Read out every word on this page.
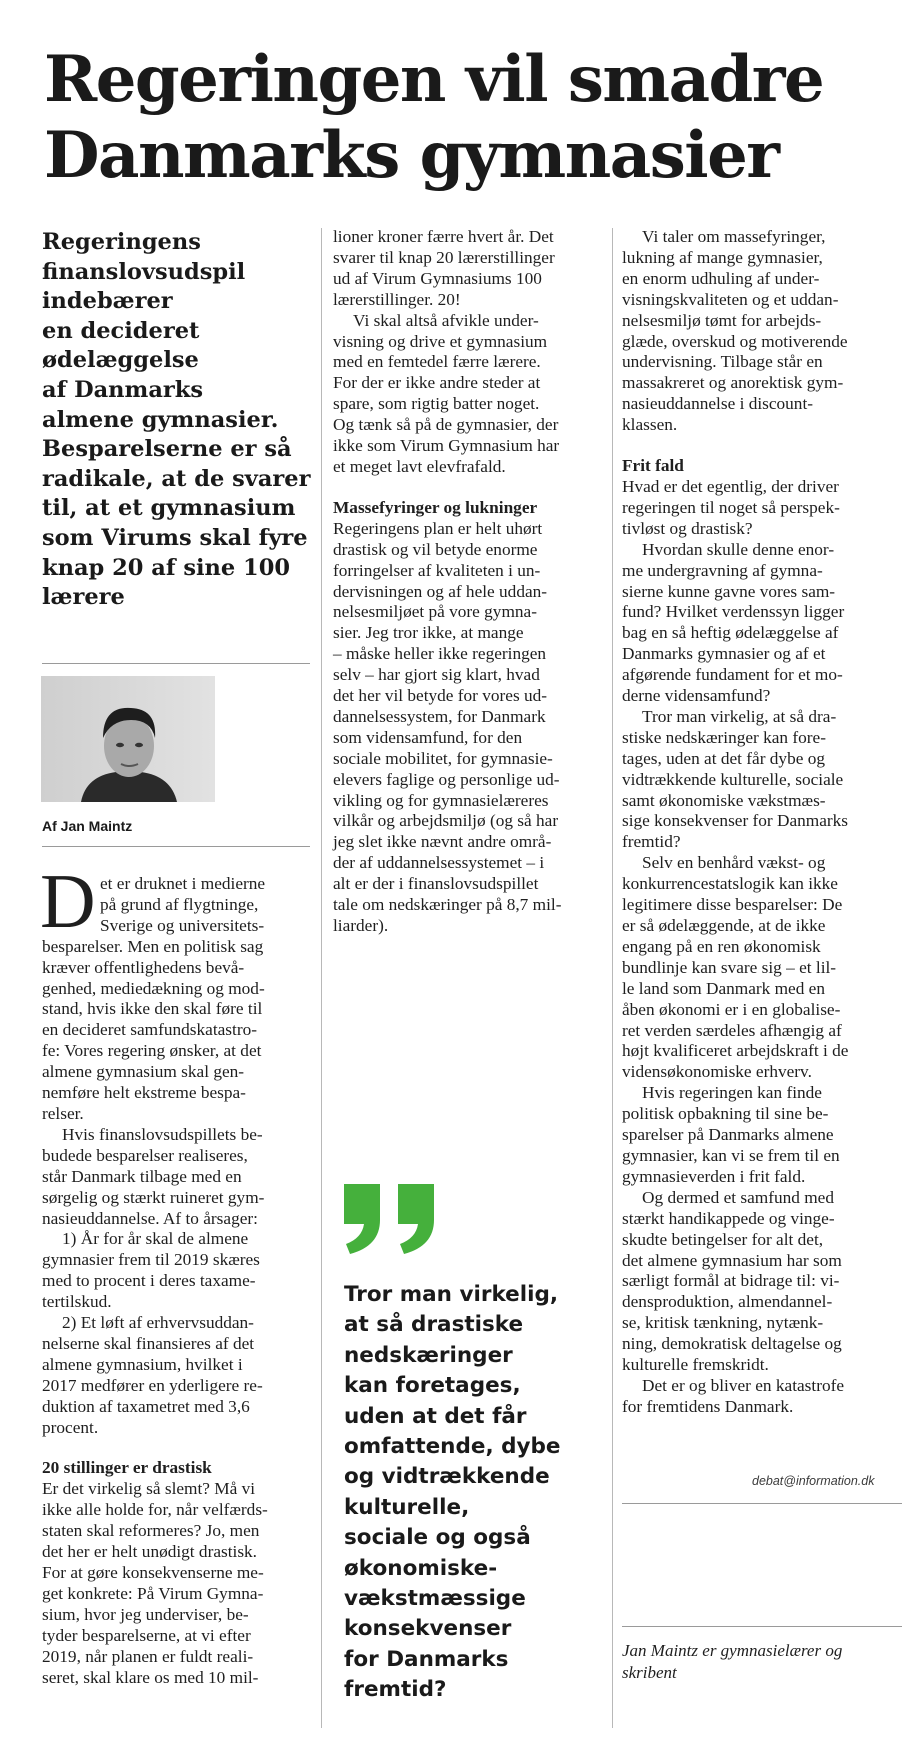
Regeringen vil smadre
Danmarks gymnasier
Regeringens
finanslovsudspil
indebærer
en decideret
ødelæggelse
af Danmarks
almene gymnasier.
Besparelserne er så
radikale, at de svarer
til, at et gymnasium
som Virums skal fyre
knap 20 af sine 100
lærere
Af Jan Maintz
D et er druknet i medierne
på grund af flygtninge,
Sverige og universitets-
besparelser. Men en politisk sag
kræver offentlighedens bevå-
genhed, mediedækning og mod-
stand, hvis ikke den skal føre til
en decideret samfundskatastro-
fe: Vores regering ønsker, at det
almene gymnasium skal gen-
nemføre helt ekstreme bespa-
relser.
Hvis finanslovsudspillets be-
budede besparelser realiseres,
står Danmark tilbage med en
sørgelig og stærkt ruineret gym-
nasieuddannelse. Af to årsager:
1) År for år skal de almene
gymnasier frem til 2019 skæres
med to procent i deres taxame-
tertilskud.
2) Et løft af erhvervsuddan-
nelserne skal finansieres af det
almene gymnasium, hvilket i
2017 medfører en yderligere re-
duktion af taxametret med 3,6
procent.
20 stillinger er drastisk
Er det virkelig så slemt? Må vi
ikke alle holde for, når velfærds-
staten skal reformeres? Jo, men
det her er helt unødigt drastisk.
For at gøre konsekvenserne me-
get konkrete: På Virum Gymna-
sium, hvor jeg underviser, be-
tyder besparelserne, at vi efter
2019, når planen er fuldt reali-
seret, skal klare os med 10 mil-
lioner kroner færre hvert år. Det
svarer til knap 20 lærerstillinger
ud af Virum Gymnasiums 100
lærerstillinger. 20!
Vi skal altså afvikle under-
visning og drive et gymnasium
med en femtedel færre lærere.
For der er ikke andre steder at
spare, som rigtig batter noget.
Og tænk så på de gymnasier, der
ikke som Virum Gymnasium har
et meget lavt elevfrafald.
Massefyringer og lukninger
Regeringens plan er helt uhørt
drastisk og vil betyde enorme
forringelser af kvaliteten i un-
dervisningen og af hele uddan-
nelsesmiljøet på vore gymna-
sier. Jeg tror ikke, at mange
– måske heller ikke regeringen
selv – har gjort sig klart, hvad
det her vil betyde for vores ud-
dannelsessystem, for Danmark
som vidensamfund, for den
sociale mobilitet, for gymnasie-
elevers faglige og personlige ud-
vikling og for gymnasielæreres
vilkår og arbejdsmiljø (og så har
jeg slet ikke nævnt andre områ-
der af uddannelsessystemet – i
alt er der i finanslovsudspillet
tale om nedskæringer på 8,7 mil-
liarder).
Vi taler om massefyringer,
lukning af mange gymnasier,
en enorm udhuling af under-
visningskvaliteten og et uddan-
nelsesmiljø tømt for arbejds-
glæde, overskud og motiverende
undervisning. Tilbage står en
massakreret og anorektisk gym-
nasieuddannelse i discount-
klassen.
Frit fald
Hvad er det egentlig, der driver
regeringen til noget så perspek-
tivløst og drastisk?
Hvordan skulle denne enor-
me undergravning af gymna-
sierne kunne gavne vores sam-
fund? Hvilket verdenssyn ligger
bag en så heftig ødelæggelse af
Danmarks gymnasier og af et
afgørende fundament for et mo-
derne vidensamfund?
Tror man virkelig, at så dra-
stiske nedskæringer kan fore-
tages, uden at det får dybe og
vidtrækkende kulturelle, sociale
samt økonomiske vækstmæs-
sige konsekvenser for Danmarks
fremtid?
Selv en benhård vækst- og
konkurrencestatslogik kan ikke
legitimere disse besparelser: De
er så ødelæggende, at de ikke
engang på en ren økonomisk
bundlinje kan svare sig – et lil-
le land som Danmark med en
åben økonomi er i en globalise-
ret verden særdeles afhængig af
højt kvalificeret arbejdskraft i de
vidensøkonomiske erhverv.
Hvis regeringen kan finde
politisk opbakning til sine be-
sparelser på Danmarks almene
gymnasier, kan vi se frem til en
gymnasieverden i frit fald.
Og dermed et samfund med
stærkt handikappede og vinge-
skudte betingelser for alt det,
det almene gymnasium har som
særligt formål at bidrage til: vi-
densproduktion, almendannel-
se, kritisk tænkning, nytænk-
ning, demokratisk deltagelse og
kulturelle fremskridt.
Det er og bliver en katastrofe
for fremtidens Danmark.
Tror man virkelig,
at så drastiske
nedskæringer
kan foretages,
uden at det får
omfattende, dybe
og vidtrækkende
kulturelle,
sociale og også
økonomiske-
vækstmæssige
konsekvenser
for Danmarks
fremtid?
debat@information.dk
Jan Maintz er gymnasielærer og
skribent
